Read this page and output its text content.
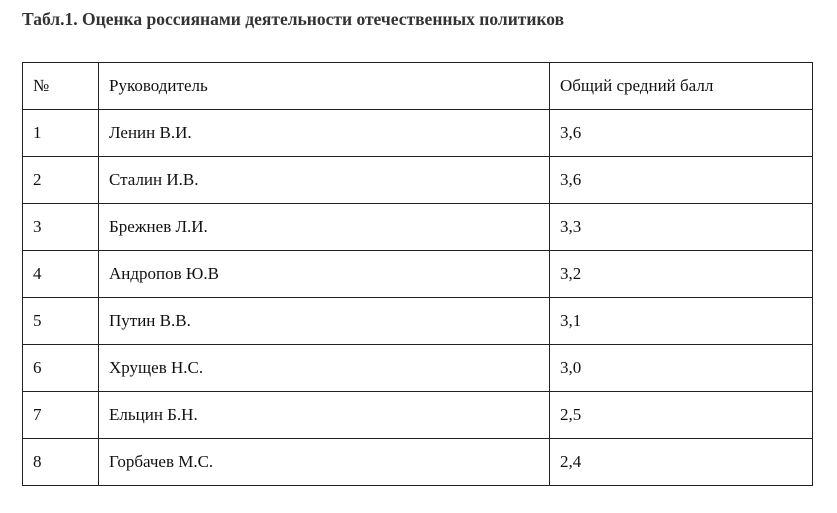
Табл.1. Оценка россиянами деятельности отечественных политиков
№	Руководитель	Общий средний балл
1	Ленин В.И.	3,6
2	Сталин И.В.	3,6
3	Брежнев Л.И.	3,3
4	Андропов Ю.В	3,2
5	Путин В.В.	3,1
6	Хрущев Н.С.	3,0
7	Ельцин Б.Н.	2,5
8	Горбачев М.С.	2,4
